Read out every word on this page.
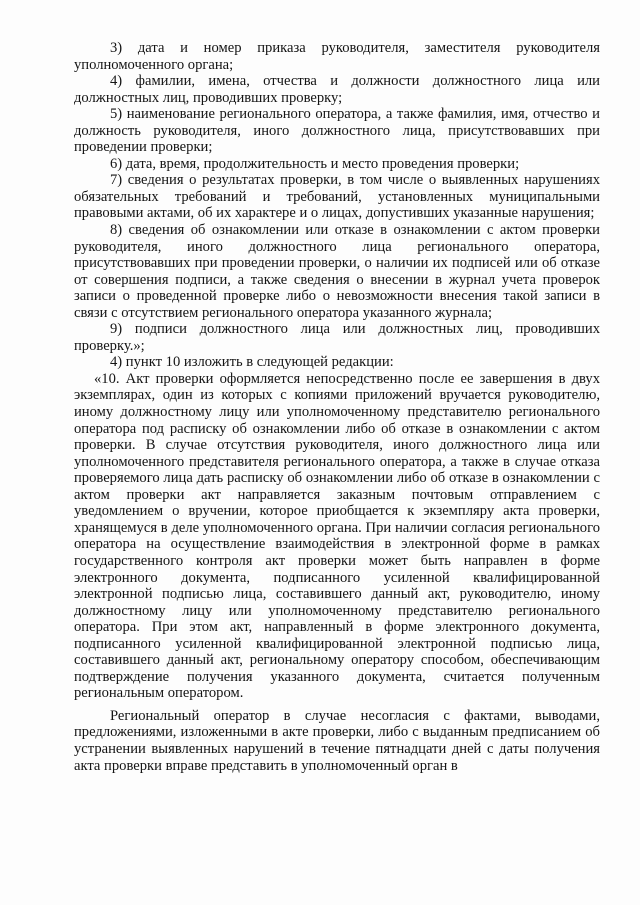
3) дата и номер приказа руководителя, заместителя руководителя уполномоченного органа;

4) фамилии, имена, отчества и должности должностного лица или должностных лиц, проводивших проверку;

5) наименование регионального оператора, а также фамилия, имя, отчество и должность руководителя, иного должностного лица, присутствовавших при проведении проверки;

6) дата, время, продолжительность и место проведения проверки;

7) сведения о результатах проверки, в том числе о выявленных нарушениях обязательных требований и требований, установленных муниципальными правовыми актами, об их характере и о лицах, допустивших указанные нарушения;

8) сведения об ознакомлении или отказе в ознакомлении с актом проверки руководителя, иного должностного лица регионального оператора, присутствовавших при проведении проверки, о наличии их подписей или об отказе от совершения подписи, а также сведения о внесении в журнал учета проверок записи о проведенной проверке либо о невозможности внесения такой записи в связи с отсутствием регионального оператора указанного журнала;

9) подписи должностного лица или должностных лиц, проводивших проверку.»;

4) пункт 10 изложить в следующей редакции:

«10. Акт проверки оформляется непосредственно после ее завершения в двух экземплярах, один из которых с копиями приложений вручается руководителю, иному должностному лицу или уполномоченному представителю регионального оператора под расписку об ознакомлении либо об отказе в ознакомлении с актом проверки. В случае отсутствия руководителя, иного должностного лица или уполномоченного представителя регионального оператора, а также в случае отказа проверяемого лица дать расписку об ознакомлении либо об отказе в ознакомлении с актом проверки акт направляется заказным почтовым отправлением с уведомлением о вручении, которое приобщается к экземпляру акта проверки, хранящемуся в деле уполномоченного органа. При наличии согласия регионального оператора на осуществление взаимодействия в электронной форме в рамках государственного контроля акт проверки может быть направлен в форме электронного документа, подписанного усиленной квалифицированной электронной подписью лица, составившего данный акт, руководителю, иному должностному лицу или уполномоченному представителю регионального оператора. При этом акт, направленный в форме электронного документа, подписанного усиленной квалифицированной электронной подписью лица, составившего данный акт, региональному оператору способом, обеспечивающим подтверждение получения указанного документа, считается полученным региональным оператором.

Региональный оператор в случае несогласия с фактами, выводами, предложениями, изложенными в акте проверки, либо с выданным предписанием об устранении выявленных нарушений в течение пятнадцати дней с даты получения акта проверки вправе представить в уполномоченный орган в
